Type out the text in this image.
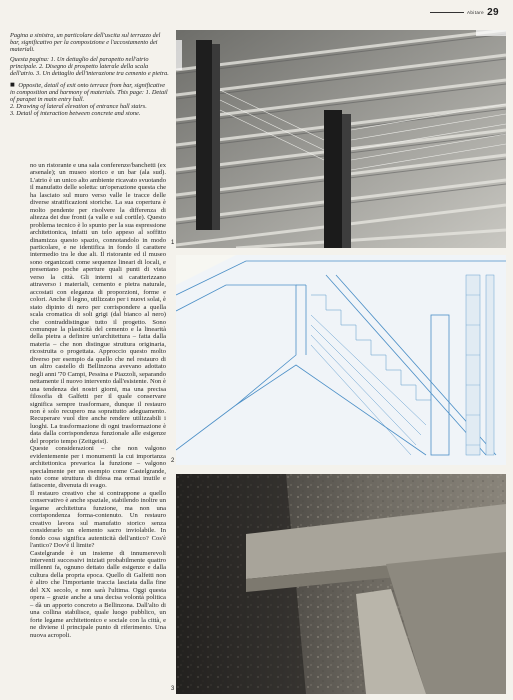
Abitare 29

Pagina a sinistra, un particolare dell'uscita sul terrazzo del bar, significativo per la composizione e l'accostamento dei materiali.

Questa pagina: 1. Un dettaglio del parapetto nell'atrio principale. 2. Disegno di prospetto laterale della scala dell'atrio. 3. Un dettaglio dell'interazione tra cemento e pietra.

■ Opposite, detail of exit onto terrace from bar, significative in composition and harmony of materials. This page: 1. Detail of parapet in main entry hall.
2. Drawing of lateral elevation of entrance hall stairs.
3. Detail of interaction between concrete and stone.

no un ristorante e una sala conferenze/banchetti (ex arsenale); un museo storico e un bar (ala sud). L'atrio è un unico alto ambiente ricavato svuotando il manufatto delle soletta: un'operazione questa che ha lasciato sul muro verso valle le tracce delle diverse stratificazioni storiche. La sua copertura è molto pendente per risolvere la differenza di altezza dei due fronti (a valle e sul cortile). Questo problema tecnico è lo spunto per la sua espressione architettonica, infatti un telo appeso al soffitto dinamizza questo spazio, connotandolo in modo particolare, e ne identifica in fondo il carattere intermedio tra le due ali. Il ristorante ed il museo sono organizzati come sequenze lineari di locali, e presentano poche aperture quali punti di vista verso la città. Gli interni si caratterizzano attraverso i materiali, cemento e pietra naturale, accostati con eleganza di proporzioni, forme e colori. Anche il legno, utilizzato per i nuovi solai, è stato dipinto di nero per corrispondere a quella scala cromatica di soli grigi (dal bianco al nero) che contraddistingue tutto il progetto. Sono comunque la plasticità del cemento e la linearità della pietra a definire un'architettura – fatta dalla materia – che non distingue struttura originaria, ricostruita o progettata. Approccio questo molto diverso per esempio da quello che nel restauro di un altro castello di Bellinzona avevano adottato negli anni '70 Campi, Pessina e Piazzoli, separando nettamente il nuovo intervento dall'esistente. Non è una tendenza dei nostri giorni, ma una precisa filosofia di Galfetti per il quale conservare significa sempre trasformare, dunque il restauro non è solo recupero ma soprattutto adeguamento. Recuperare vuol dire anche rendere utilizzabili i luoghi. La trasformazione di ogni trasformazione è data dalla corrispondenza funzionale alle esigenze del proprio tempo (Zeitgeist).

Queste considerazioni – che non valgono evidentemente per i monumenti la cui importanza architettonica prevarica la funzione – valgono specialmente per un esempio come Castelgrande, nato come struttura di difesa ma ormai inutile e fatiscente, divenuta di svago.

Il restauro creativo che si contrappone a quello conservativo è anche spaziale, stabilendo inoltre un legame architettura funzione, ma non una corrispondenza forma-contenuto. Un restauro creativo lavora sul manufatto storico senza considerarlo un elemento sacro inviolabile. In fondo cosa significa autenticità dell'antico? Cos'è l'antico? Dov'è il limite?

Castelgrande è un insieme di innumerevoli interventi successivi iniziati probabilmente quattro millenni fa, ognuno dettato dalle esigenze e dalla cultura della propria epoca. Quello di Galfetti non è altro che l'importante traccia lasciata dalla fine del XX secolo, e non sarà l'ultima. Oggi questa opera – grazie anche a una decisa volontà politica – dà un apporto concreto a Bellinzona. Dall'alto di una collina stabilisce, quale luogo pubblico, un forte legame architettonico e sociale con la città, e ne diviene il principale punto di riferimento. Una nuova acropoli.

1
2
3
